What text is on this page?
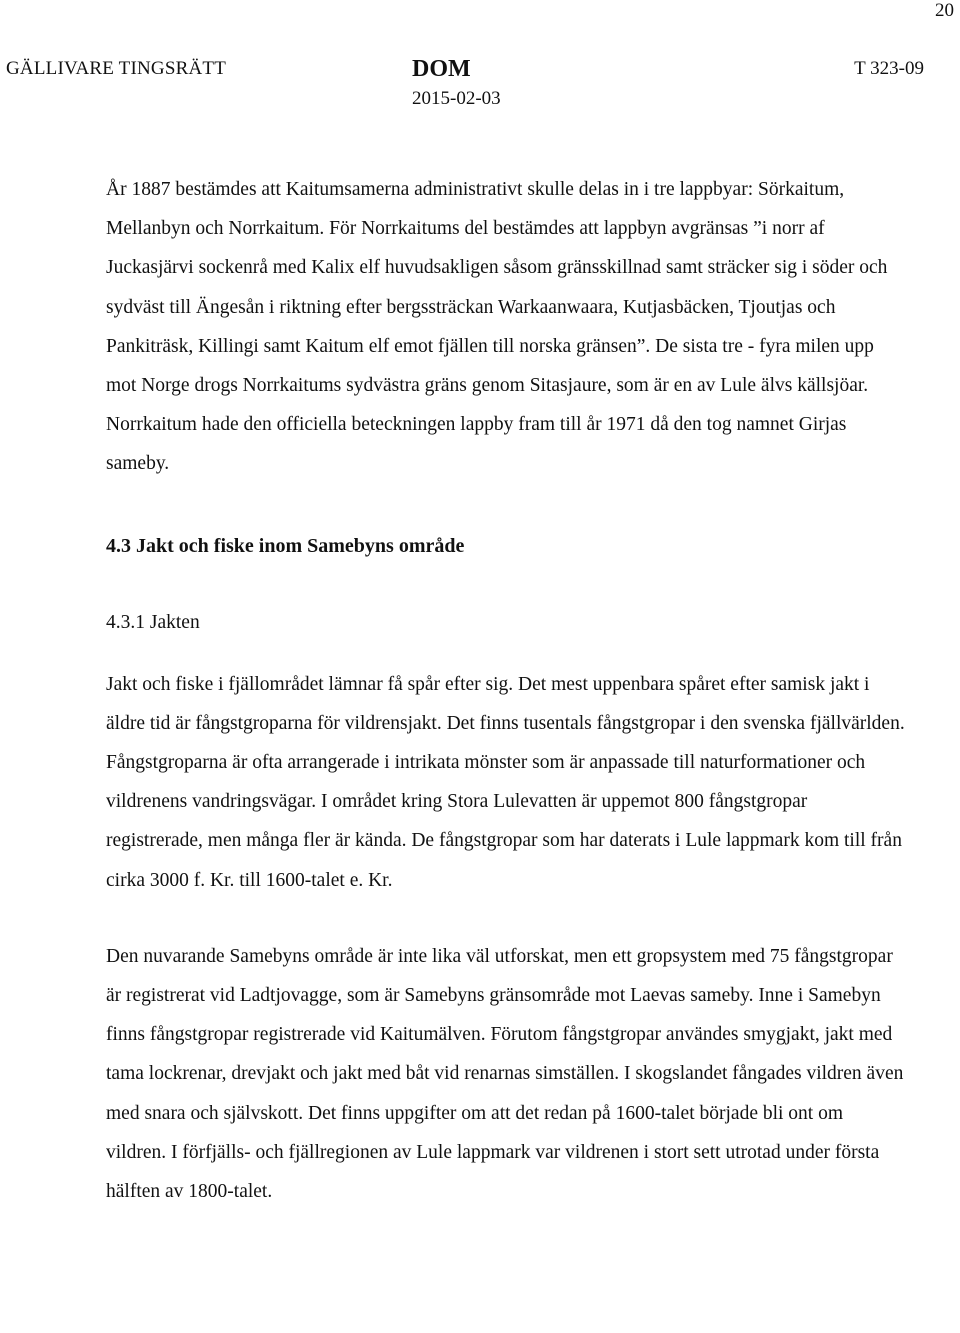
20
GÄLLIVARE TINGSRÄTT	DOM
2015-02-03
T 323-09

År 1887 bestämdes att Kaitumsamerna administrativt skulle delas in i tre lappbyar: Sörkaitum, Mellanbyn och Norrkaitum. För Norrkaitums del bestämdes att lappbyn avgränsas ”i norr af Juckasjärvi sockenrå med Kalix elf huvudsakligen såsom gränsskillnad samt sträcker sig i söder och sydväst till Ängesån i riktning efter bergssträckan Warkaanwaara, Kutjasbäcken, Tjoutjas och Pankiträsk, Killingi samt Kaitum elf emot fjällen till norska gränsen”. De sista tre - fyra milen upp mot Norge drogs Norrkaitums sydvästra gräns genom Sitasjaure, som är en av Lule älvs källsjöar. Norrkaitum hade den officiella beteckningen lappby fram till år 1971 då den tog namnet Girjas sameby.

4.3 Jakt och fiske inom Samebyns område
4.3.1 Jakten

Jakt och fiske i fjällområdet lämnar få spår efter sig. Det mest uppenbara spåret efter samisk jakt i äldre tid är fångstgroparna för vildrensjakt. Det finns tusentals fångstgropar i den svenska fjällvärlden. Fångstgroparna är ofta arrangerade i intrikata mönster som är anpassade till naturformationer och vildrenens vandringsvägar. I området kring Stora Lulevatten är uppemot 800 fångstgropar registrerade, men många fler är kända. De fångstgropar som har daterats i Lule lappmark kom till från cirka 3000 f. Kr. till 1600-talet e. Kr.

Den nuvarande Samebyns område är inte lika väl utforskat, men ett gropsystem med 75 fångstgropar är registrerat vid Ladtjovagge, som är Samebyns gränsområde mot Laevas sameby. Inne i Samebyn finns fångstgropar registrerade vid Kaitumälven. Förutom fångstgropar användes smygjakt, jakt med tama lockrenar, drevjakt och jakt med båt vid renarnas simställen. I skogslandet fångades vildren även med snara och självskott. Det finns uppgifter om att det redan på 1600-talet började bli ont om vildren. I förfjälls- och fjällregionen av Lule lappmark var vildrenen i stort sett utrotad under första hälften av 1800-talet.
